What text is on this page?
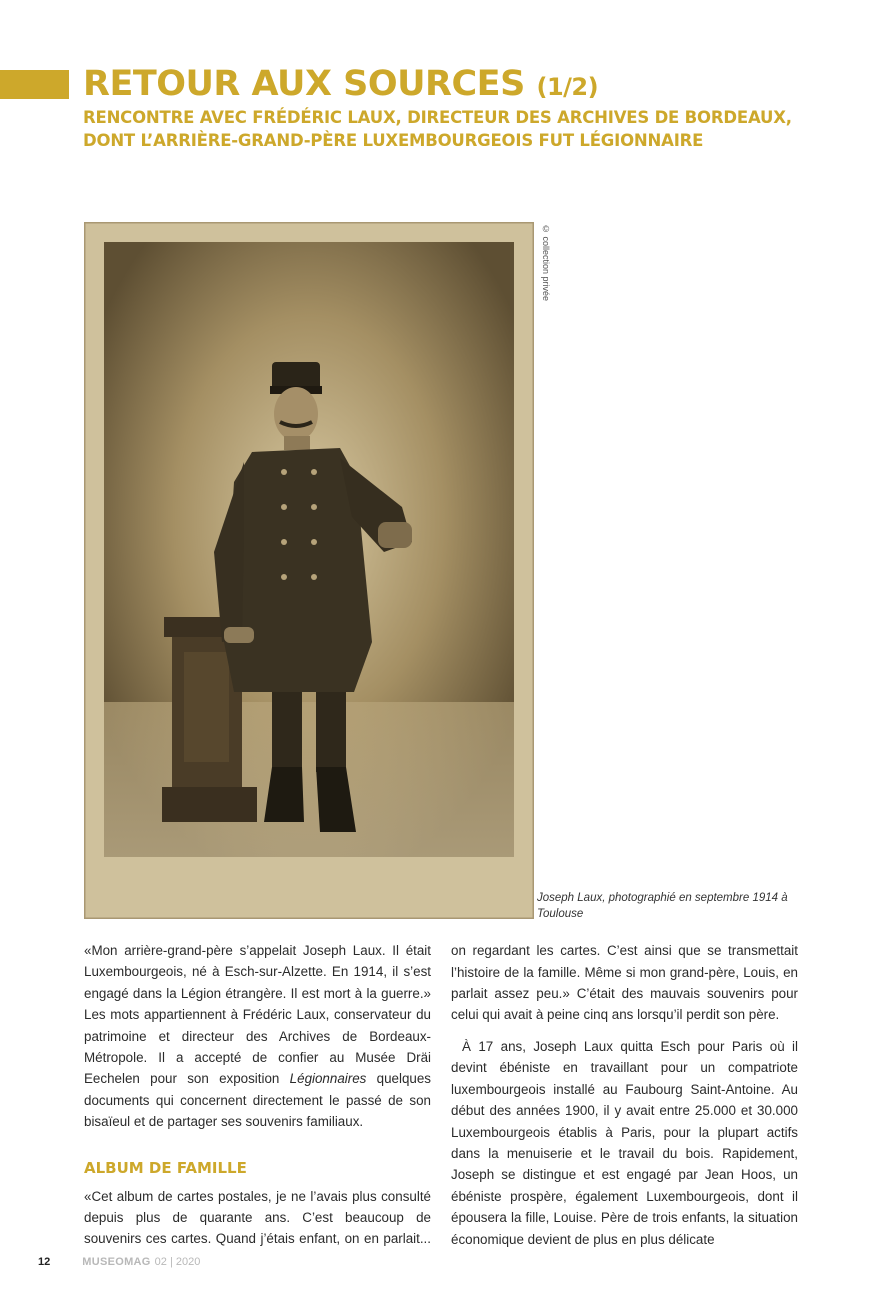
RETOUR AUX SOURCES (1/2)
RENCONTRE AVEC FRÉDÉRIC LAUX, DIRECTEUR DES ARCHIVES DE BORDEAUX, DONT L’ARRIÈRE-GRAND-PÈRE LUXEMBOURGEOIS FUT LÉGIONNAIRE
© collection privée
Joseph Laux, photographié en septembre 1914 à Toulouse

«Mon arrière-grand-père s’appelait Joseph Laux. Il était Luxembourgeois, né à Esch-sur-Alzette. En 1914, il s’est engagé dans la Légion étrangère. Il est mort à la guerre.» Les mots appartiennent à Frédéric Laux, conservateur du patrimoine et directeur des Archives de Bordeaux-Métropole. Il a accepté de confier au Musée Dräi Eechelen pour son exposition Légionnaires quelques documents qui concernent directement le passé de son bisaïeul et de partager ses souvenirs familiaux.

ALBUM DE FAMILLE

«Cet album de cartes postales, je ne l’avais plus consulté depuis plus de quarante ans. C’est beaucoup de souvenirs ces cartes. Quand j’étais enfant, on en parlait...

on regardant les cartes. C’est ainsi que se transmettait l’histoire de la famille. Même si mon grand-père, Louis, en parlait assez peu.» C’était des mauvais souvenirs pour celui qui avait à peine cinq ans lorsqu’il perdit son père.

À 17 ans, Joseph Laux quitta Esch pour Paris où il devint ébéniste en travaillant pour un compatriote luxembourgeois installé au Faubourg Saint-Antoine. Au début des années 1900, il y avait entre 25.000 et 30.000 Luxembourgeois établis à Paris, pour la plupart actifs dans la menuiserie et le travail du bois. Rapidement, Joseph se distingue et est engagé par Jean Hoos, un ébéniste prospère, également Luxembourgeois, dont il épousera la fille, Louise. Père de trois enfants, la situation économique devient de plus en plus délicate

12	MUSEOMAG 02 | 2020
